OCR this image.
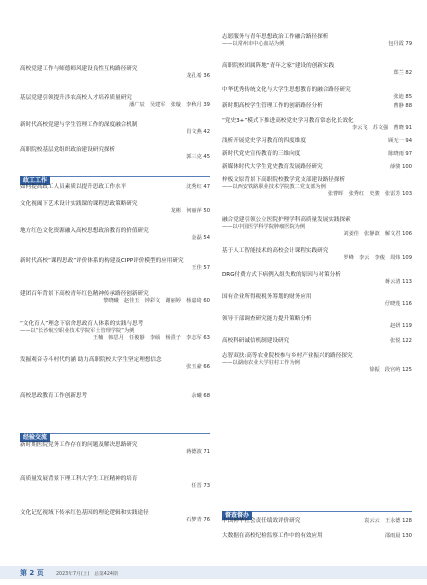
高校党建工作与师德师风建设良性互构路径研究
龙孔希 36
基层党建引领提升涉农高校人才培养质量研究
潘广辰　吴建军　张璇　李秋月 39
新时代高校党建与学生管理工作的深度融合机制
肖文燕 42
高职院校基层党组织政治建设研究探析
郭三克 45
政工工作
如何提高政工人员素质以提升思政工作水平	沈秀红 47
文化视阈下艺术设计实践课的课程思政策略研究
龙彬　何丽萍 50
地方红色文化资源融入高校思想政治教育的价值研究
金磊 54
新时代高校“课程思政”评价体系的构建及CIPP评价模型的应用研究
王佳 57
建团百年背景下高校青年红色精神传承路径创新研究
黎晓曦　赵佳玉　钟彩文　谢丽婷　杨嘉琦 60
“文化育人”理念下宿舍思政育人体系的实践与思考
——以“长沙航空职业技术学院军士管理学院”为例
王楠　韩思月　任俊靜　李硕　杨熹子　李志军 63
发掘观音寺斗村代约涵 助力高职院校大学生坚定理想信念
张玉豪 66
高校思政教育工作创新思考	余曦 68
经验交流
新时期医院党务工作存在的问题及解决思路研究
蒋德波 71
高质量发展背景下理工科大学生工匠精神的培育
任晋 73
文化记忆视域下传承红色基因的理论逻辑和实践途径
石梦青 76
志愿服务与青年思想政治工作融合路径探析
——以常州市中心血站为例	包丹霞 79
高职院校团属阵地“青年之家”建设的创新实践
郑兰 82
中华优秀传统文化与大学生思想教育的融合路径研究
张迪 85
新时期高校学生管理工作的创新路径分析	曹静 88
“党史3+”模式下推进高校党史学习教育常态化长效化
李云飞　苏文强　曹晓 91
浅析开展党史学习教育的四度维度	顾无一 94
新时代党史宣传教育的三维向度	陈晓雨 97
新媒体时代大学生党史教育发展路径研究	薛骏 100
梓板文原背景下高职院校教学党支部建设路径探析
——以西安铁路职业技术学院教二党支部为例
张曹晖　张秀红　史骏　张雷芳 103
融合党建引领公立医院护理学科高质量发展实践探索
——以中国医学科学院肿瘤医院为例
刘姜佳　张静歆　解文君 106
基于人工智能技术的高校会计课程实践研究
罗峰　李云　李俊　周炜 109
DRG付费方式下病例入组失败的原因与对策分析
蒋云清 113
国有企业所得税税务筹划的财务应用
仔晓莲 116
领导干部调查研究能力提升策略分析
赵妍 119
高校科研诚信机制建设研究	张悦 122
志智双扶:高等农业院校参与乡村产业振兴的路径探究
——以湖南农业大学驻村工作为例
徐振　段官屿 125
督查督办
中国神华社会责任绩效评价研究	袁云云　王永德 128
大数据在高校纪检监察工作中的有效应用	邵雨晨 130
第 2 页	2023年7月(上)　总第424期
